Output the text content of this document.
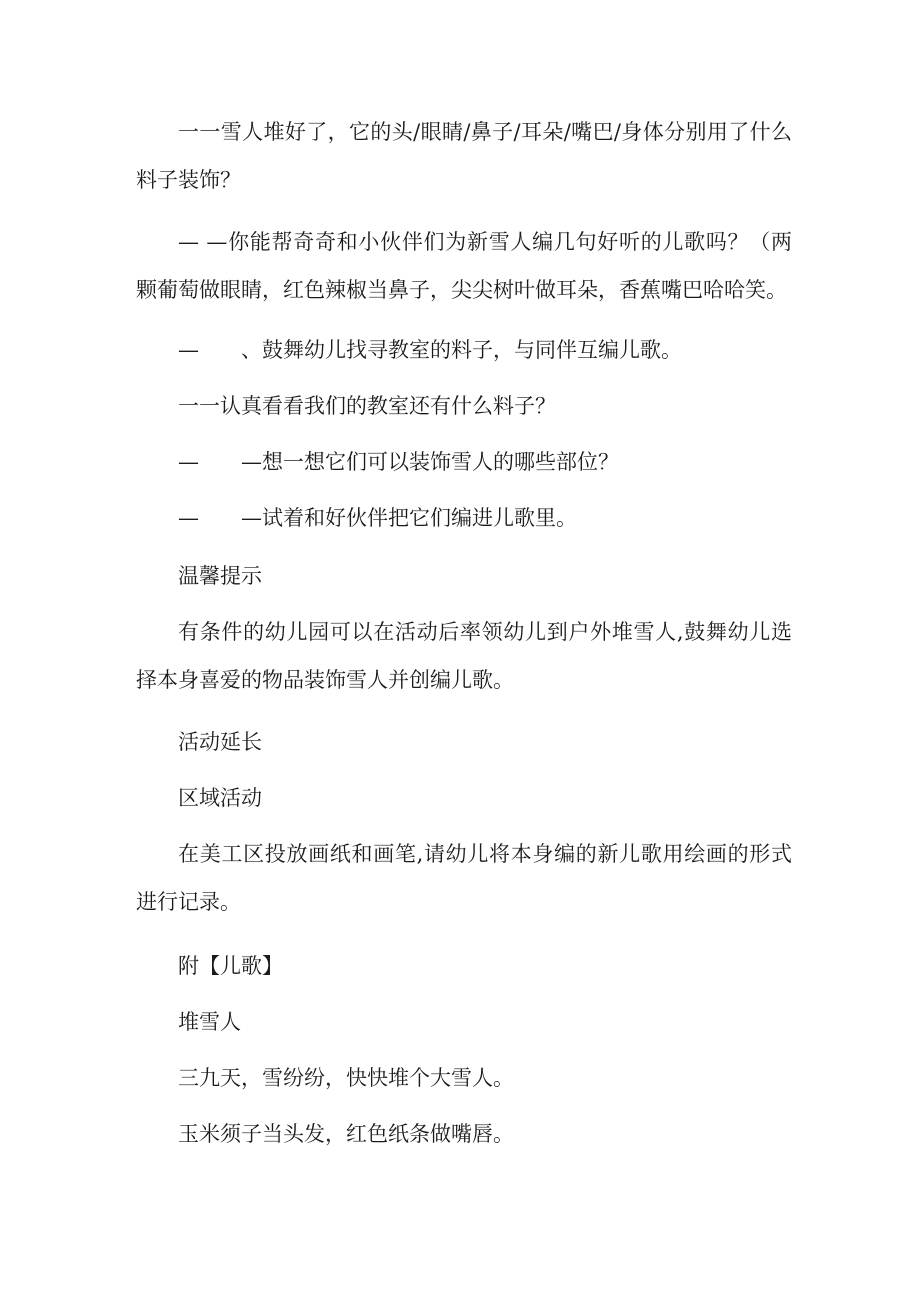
一一雪人堆好了，它的头/眼睛/鼻子/耳朵/嘴巴/身体分别用了什么料子装饰？

— —你能帮奇奇和小伙伴们为新雪人编几句好听的儿歌吗？（两颗葡萄做眼睛，红色辣椒当鼻子，尖尖树叶做耳朵，香蕉嘴巴哈哈笑。

—　　、鼓舞幼儿找寻教室的料子，与同伴互编儿歌。

一一认真看看我们的教室还有什么料子？

—　　—想一想它们可以装饰雪人的哪些部位？

—　　—试着和好伙伴把它们编进儿歌里。

温馨提示

有条件的幼儿园可以在活动后率领幼儿到户外堆雪人,鼓舞幼儿选择本身喜爱的物品装饰雪人并创编儿歌。

活动延长

区域活动

在美工区投放画纸和画笔,请幼儿将本身编的新儿歌用绘画的形式进行记录。

附【儿歌】

堆雪人

三九天，雪纷纷，快快堆个大雪人。

玉米须子当头发，红色纸条做嘴唇。
